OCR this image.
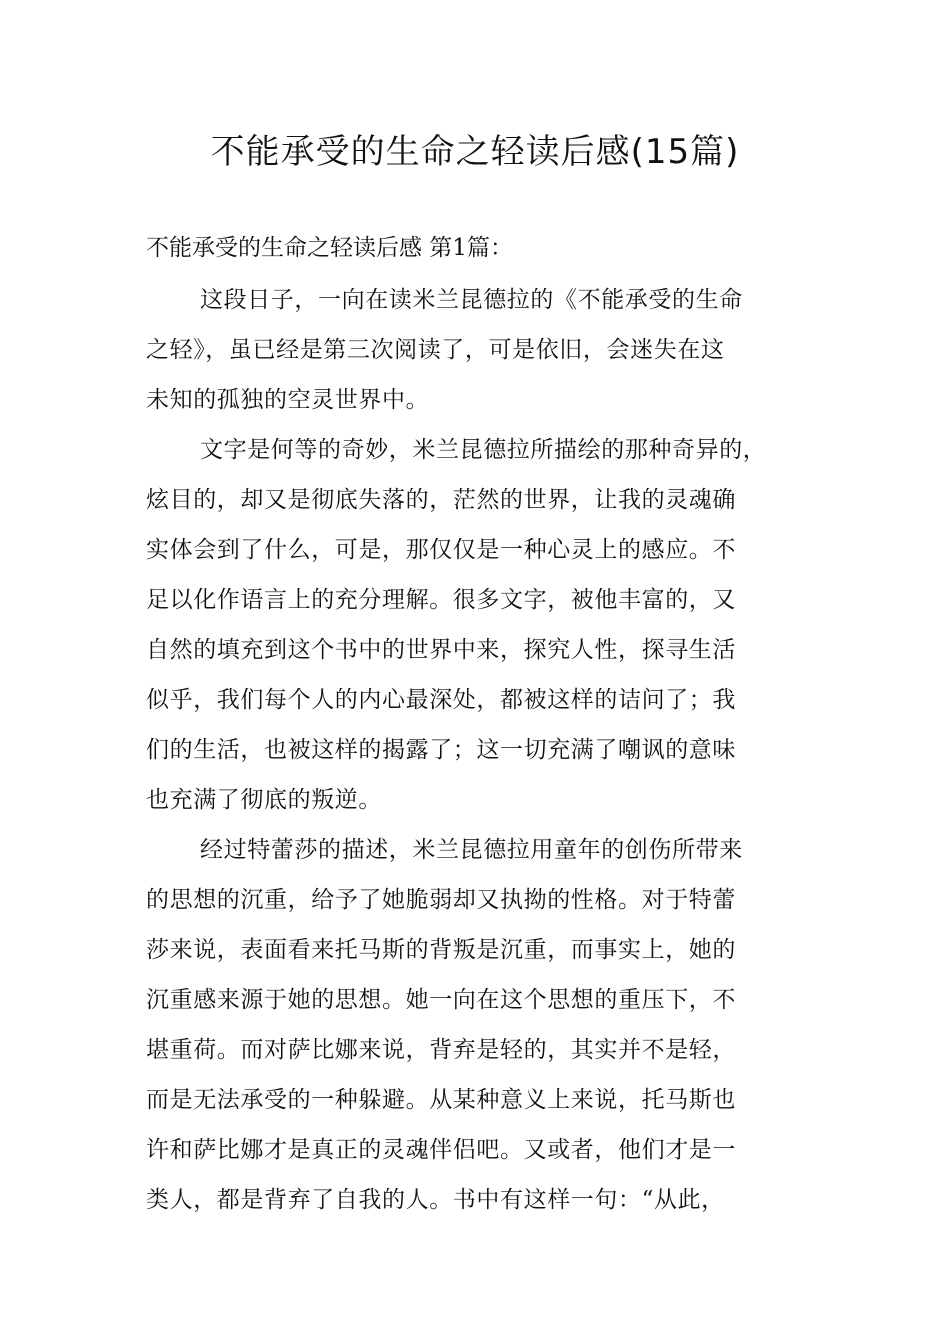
不能承受的生命之轻读后感(15篇)

不能承受的生命之轻读后感 第1篇：

这段日子，一向在读米兰昆德拉的《不能承受的生命

之轻》，虽已经是第三次阅读了，可是依旧，会迷失在这

未知的孤独的空灵世界中。

文字是何等的奇妙，米兰昆德拉所描绘的那种奇异的，

炫目的，却又是彻底失落的，茫然的世界，让我的灵魂确

实体会到了什么，可是，那仅仅是一种心灵上的感应。不

足以化作语言上的充分理解。很多文字，被他丰富的，又

自然的填充到这个书中的世界中来，探究人性，探寻生活

似乎，我们每个人的内心最深处，都被这样的诘问了；我

们的生活，也被这样的揭露了；这一切充满了嘲讽的意味

也充满了彻底的叛逆。

经过特蕾莎的描述，米兰昆德拉用童年的创伤所带来

的思想的沉重，给予了她脆弱却又执拗的性格。对于特蕾

莎来说，表面看来托马斯的背叛是沉重，而事实上，她的

沉重感来源于她的思想。她一向在这个思想的重压下，不

堪重荷。而对萨比娜来说，背弃是轻的，其实并不是轻，

而是无法承受的一种躲避。从某种意义上来说，托马斯也

许和萨比娜才是真正的灵魂伴侣吧。又或者，他们才是一

类人，都是背弃了自我的人。书中有这样一句：“从此，
